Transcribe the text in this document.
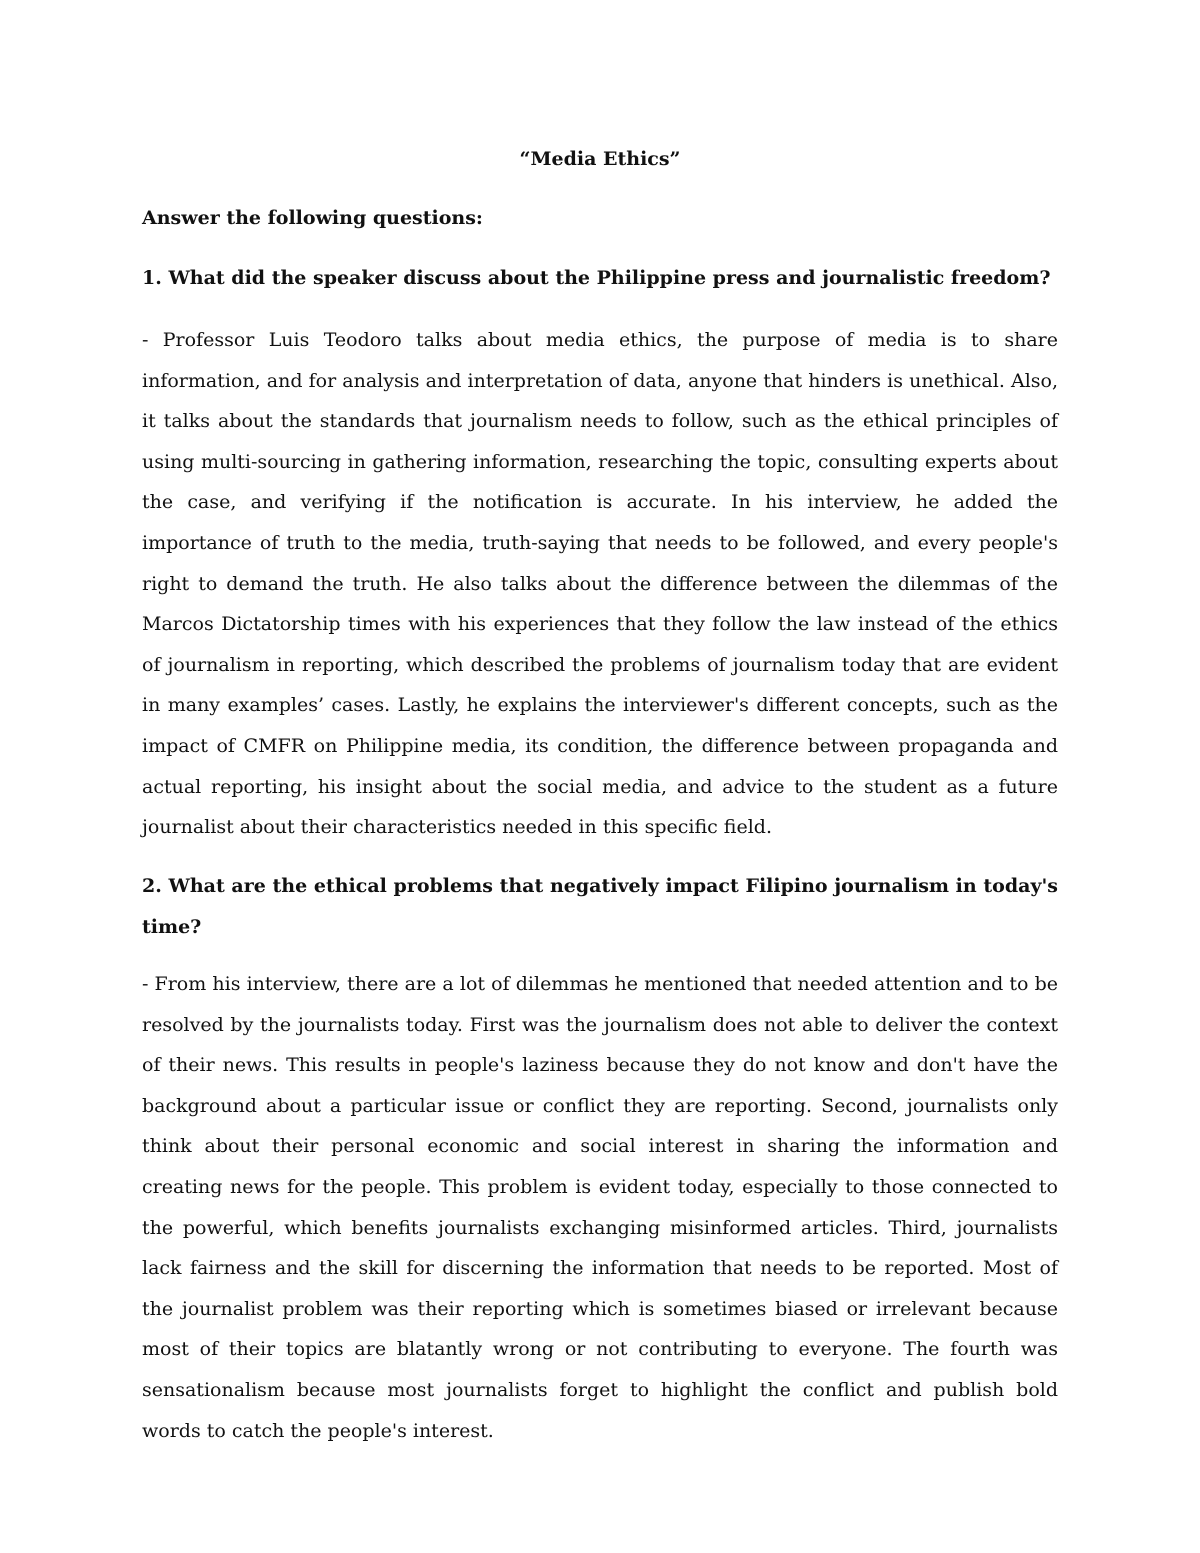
“Media Ethics”
Answer the following questions:
1. What did the speaker discuss about the Philippine press and journalistic freedom?
- Professor Luis Teodoro talks about media ethics, the purpose of media is to share information, and for analysis and interpretation of data, anyone that hinders is unethical. Also, it talks about the standards that journalism needs to follow, such as the ethical principles of using multi-sourcing in gathering information, researching the topic, consulting experts about the case, and verifying if the notification is accurate. In his interview, he added the importance of truth to the media, truth-saying that needs to be followed, and every people's right to demand the truth. He also talks about the difference between the dilemmas of the Marcos Dictatorship times with his experiences that they follow the law instead of the ethics of journalism in reporting, which described the problems of journalism today that are evident in many examples’ cases. Lastly, he explains the interviewer's different concepts, such as the impact of CMFR on Philippine media, its condition, the difference between propaganda and actual reporting, his insight about the social media, and advice to the student as a future journalist about their characteristics needed in this specific field.
2. What are the ethical problems that negatively impact Filipino journalism in today's time?
- From his interview, there are a lot of dilemmas he mentioned that needed attention and to be resolved by the journalists today. First was the journalism does not able to deliver the context of their news. This results in people's laziness because they do not know and don't have the background about a particular issue or conflict they are reporting. Second, journalists only think about their personal economic and social interest in sharing the information and creating news for the people. This problem is evident today, especially to those connected to the powerful, which benefits journalists exchanging misinformed articles. Third, journalists lack fairness and the skill for discerning the information that needs to be reported. Most of the journalist problem was their reporting which is sometimes biased or irrelevant because most of their topics are blatantly wrong or not contributing to everyone. The fourth was sensationalism because most journalists forget to highlight the conflict and publish bold words to catch the people's interest.
